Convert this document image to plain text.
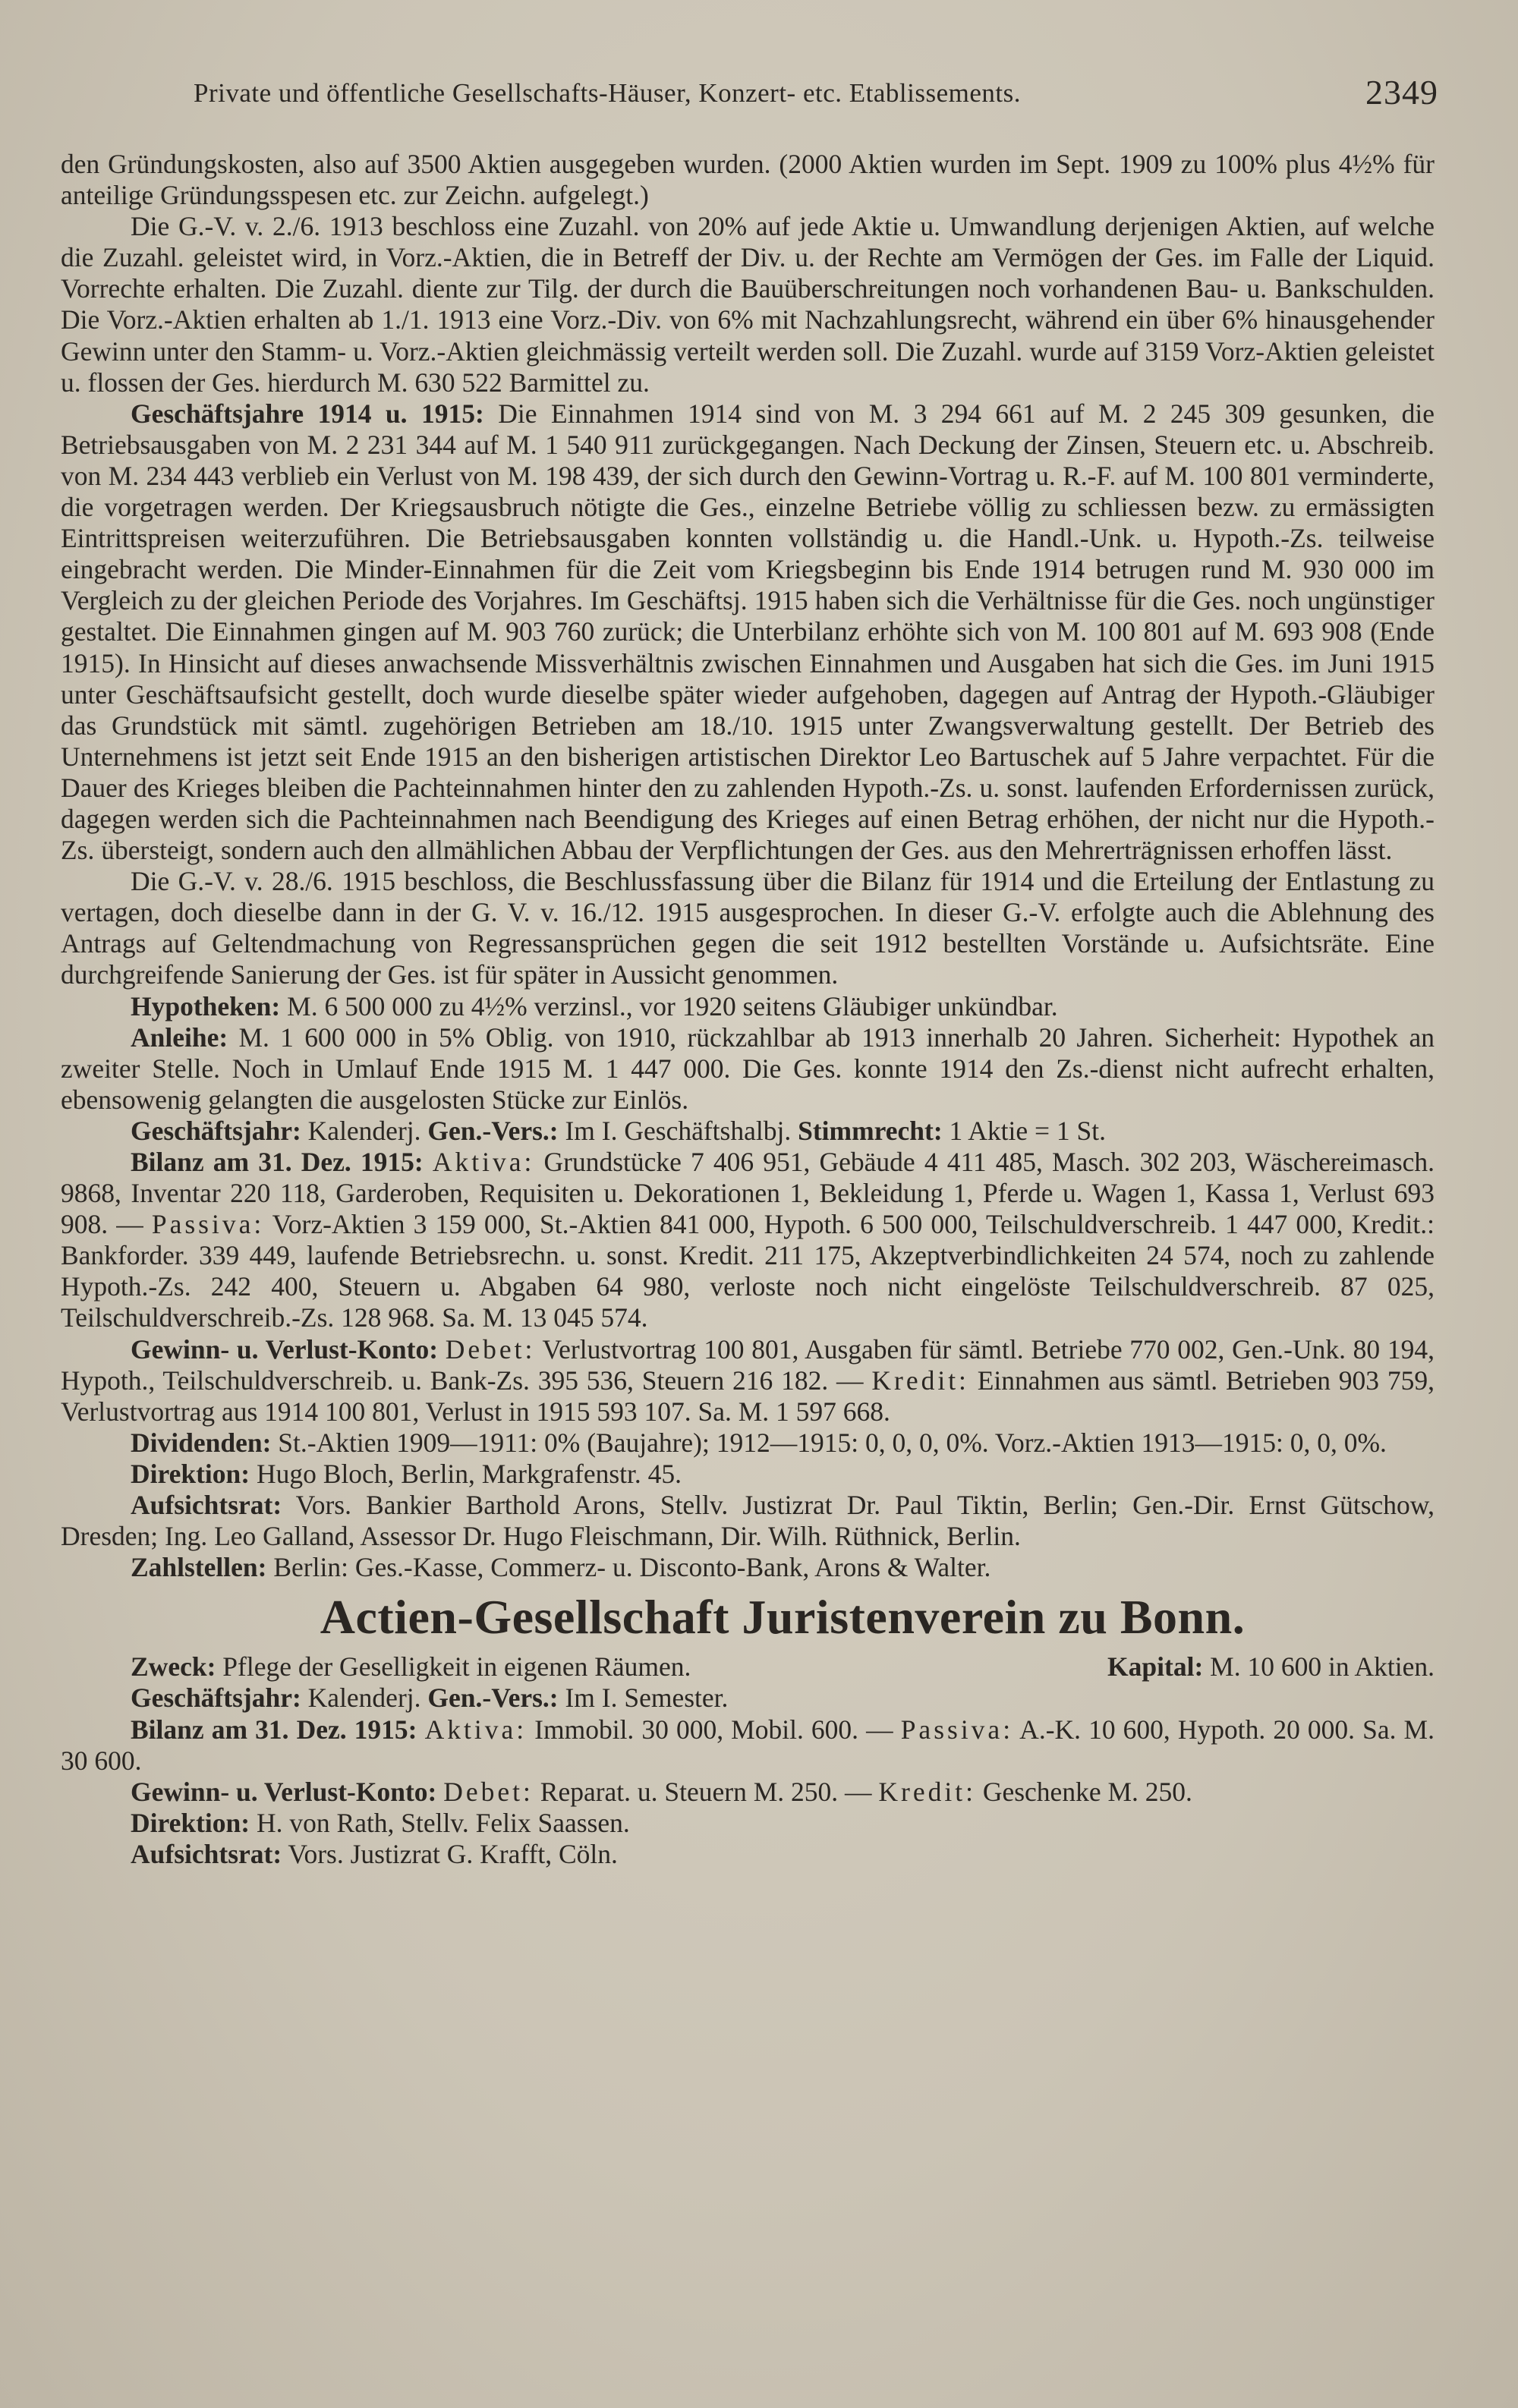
Private und öffentliche Gesellschafts-Häuser, Konzert- etc. Etablissements.	2349

den Gründungskosten, also auf 3500 Aktien ausgegeben wurden. (2000 Aktien wurden im Sept. 1909 zu 100% plus 4½% für anteilige Gründungsspesen etc. zur Zeichn. aufgelegt.)

Die G.-V. v. 2./6. 1913 beschloss eine Zuzahl. von 20% auf jede Aktie u. Umwandlung derjenigen Aktien, auf welche die Zuzahl. geleistet wird, in Vorz.-Aktien, die in Betreff der Div. u. der Rechte am Vermögen der Ges. im Falle der Liquid. Vorrechte erhalten. Die Zuzahl. diente zur Tilg. der durch die Bauüberschreitungen noch vorhandenen Bau- u. Bankschulden. Die Vorz.-Aktien erhalten ab 1./1. 1913 eine Vorz.-Div. von 6% mit Nachzahlungsrecht, während ein über 6% hinausgehender Gewinn unter den Stamm- u. Vorz.-Aktien gleichmässig verteilt werden soll. Die Zuzahl. wurde auf 3159 Vorz-Aktien geleistet u. flossen der Ges. hierdurch M. 630 522 Barmittel zu.

Geschäftsjahre 1914 u. 1915: Die Einnahmen 1914 sind von M. 3 294 661 auf M. 2 245 309 gesunken, die Betriebsausgaben von M. 2 231 344 auf M. 1 540 911 zurückgegangen. Nach Deckung der Zinsen, Steuern etc. u. Abschreib. von M. 234 443 verblieb ein Verlust von M. 198 439, der sich durch den Gewinn-Vortrag u. R.-F. auf M. 100 801 verminderte, die vorgetragen werden. Der Kriegsausbruch nötigte die Ges., einzelne Betriebe völlig zu schliessen bezw. zu ermässigten Eintrittspreisen weiterzuführen. Die Betriebsausgaben konnten vollständig u. die Handl.-Unk. u. Hypoth.-Zs. teilweise eingebracht werden. Die Minder-Einnahmen für die Zeit vom Kriegsbeginn bis Ende 1914 betrugen rund M. 930 000 im Vergleich zu der gleichen Periode des Vorjahres. Im Geschäftsj. 1915 haben sich die Verhältnisse für die Ges. noch ungünstiger gestaltet. Die Einnahmen gingen auf M. 903 760 zurück; die Unterbilanz erhöhte sich von M. 100 801 auf M. 693 908 (Ende 1915). In Hinsicht auf dieses anwachsende Missverhältnis zwischen Einnahmen und Ausgaben hat sich die Ges. im Juni 1915 unter Geschäftsaufsicht gestellt, doch wurde dieselbe später wieder aufgehoben, dagegen auf Antrag der Hypoth.-Gläubiger das Grundstück mit sämtl. zugehörigen Betrieben am 18./10. 1915 unter Zwangsverwaltung gestellt. Der Betrieb des Unternehmens ist jetzt seit Ende 1915 an den bisherigen artistischen Direktor Leo Bartuschek auf 5 Jahre verpachtet. Für die Dauer des Krieges bleiben die Pachteinnahmen hinter den zu zahlenden Hypoth.-Zs. u. sonst. laufenden Erfordernissen zurück, dagegen werden sich die Pachteinnahmen nach Beendigung des Krieges auf einen Betrag erhöhen, der nicht nur die Hypoth.-Zs. übersteigt, sondern auch den allmählichen Abbau der Verpflichtungen der Ges. aus den Mehrerträgnissen erhoffen lässt.

Die G.-V. v. 28./6. 1915 beschloss, die Beschlussfassung über die Bilanz für 1914 und die Erteilung der Entlastung zu vertagen, doch dieselbe dann in der G. V. v. 16./12. 1915 ausgesprochen. In dieser G.-V. erfolgte auch die Ablehnung des Antrags auf Geltendmachung von Regressansprüchen gegen die seit 1912 bestellten Vorstände u. Aufsichtsräte. Eine durchgreifende Sanierung der Ges. ist für später in Aussicht genommen.

Hypotheken: M. 6 500 000 zu 4½% verzinsl., vor 1920 seitens Gläubiger unkündbar.

Anleihe: M. 1 600 000 in 5% Oblig. von 1910, rückzahlbar ab 1913 innerhalb 20 Jahren. Sicherheit: Hypothek an zweiter Stelle. Noch in Umlauf Ende 1915 M. 1 447 000. Die Ges. konnte 1914 den Zs.-dienst nicht aufrecht erhalten, ebensowenig gelangten die ausgelosten Stücke zur Einlös.

Geschäftsjahr: Kalenderj. Gen.-Vers.: Im I. Geschäftshalbj. Stimmrecht: 1 Aktie = 1 St.

Bilanz am 31. Dez. 1915: Aktiva: Grundstücke 7 406 951, Gebäude 4 411 485, Masch. 302 203, Wäschereimasch. 9868, Inventar 220 118, Garderoben, Requisiten u. Dekorationen 1, Bekleidung 1, Pferde u. Wagen 1, Kassa 1, Verlust 693 908. — Passiva: Vorz-Aktien 3 159 000, St.-Aktien 841 000, Hypoth. 6 500 000, Teilschuldverschreib. 1 447 000, Kredit.: Bankforder. 339 449, laufende Betriebsrechn. u. sonst. Kredit. 211 175, Akzeptverbindlichkeiten 24 574, noch zu zahlende Hypoth.-Zs. 242 400, Steuern u. Abgaben 64 980, verloste noch nicht eingelöste Teilschuldverschreib. 87 025, Teilschuldverschreib.-Zs. 128 968. Sa. M. 13 045 574.

Gewinn- u. Verlust-Konto: Debet: Verlustvortrag 100 801, Ausgaben für sämtl. Betriebe 770 002, Gen.-Unk. 80 194, Hypoth., Teilschuldverschreib. u. Bank-Zs. 395 536, Steuern 216 182. — Kredit: Einnahmen aus sämtl. Betrieben 903 759, Verlustvortrag aus 1914 100 801, Verlust in 1915 593 107. Sa. M. 1 597 668.

Dividenden: St.-Aktien 1909—1911: 0% (Baujahre); 1912—1915: 0, 0, 0, 0%. Vorz.-Aktien 1913—1915: 0, 0, 0%.

Direktion: Hugo Bloch, Berlin, Markgrafenstr. 45.

Aufsichtsrat: Vors. Bankier Barthold Arons, Stellv. Justizrat Dr. Paul Tiktin, Berlin; Gen.-Dir. Ernst Gütschow, Dresden; Ing. Leo Galland, Assessor Dr. Hugo Fleischmann, Dir. Wilh. Rüthnick, Berlin.

Zahlstellen: Berlin: Ges.-Kasse, Commerz- u. Disconto-Bank, Arons & Walter.

Actien-Gesellschaft Juristenverein zu Bonn.

Zweck: Pflege der Geselligkeit in eigenen Räumen.	Kapital: M. 10 600 in Aktien.

Geschäftsjahr: Kalenderj. Gen.-Vers.: Im I. Semester.

Bilanz am 31. Dez. 1915: Aktiva: Immobil. 30 000, Mobil. 600. — Passiva: A.-K. 10 600, Hypoth. 20 000. Sa. M. 30 600.

Gewinn- u. Verlust-Konto: Debet: Reparat. u. Steuern M. 250. — Kredit: Geschenke M. 250.

Direktion: H. von Rath, Stellv. Felix Saassen.

Aufsichtsrat: Vors. Justizrat G. Krafft, Cöln.
